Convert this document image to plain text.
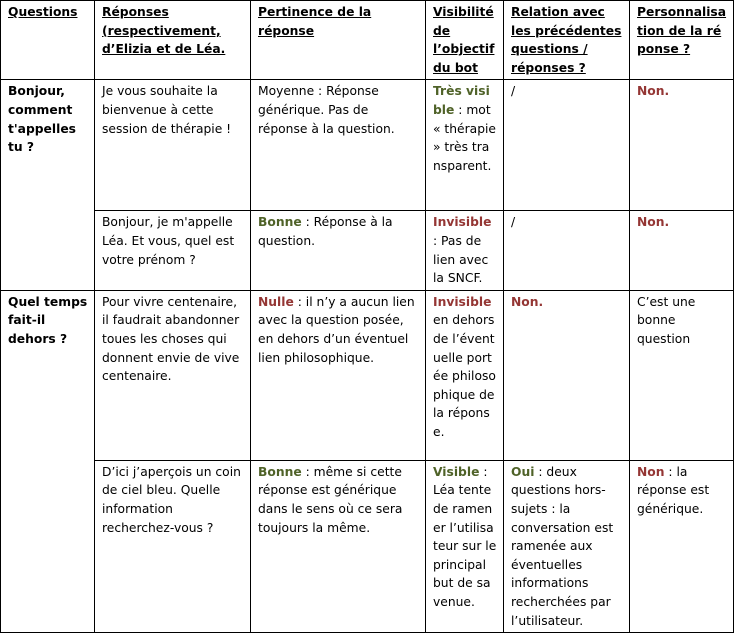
Questions	Réponses (respectivement, d’Elizia et de Léa.	Pertinence de la réponse	Visibilité de l’objectif du bot	Relation avec les précédentes questions / réponses ?	Personnalisation de la réponse ?
Bonjour, comment t'appelles tu ?	Je vous souhaite la bienvenue à cette session de thérapie !	Moyenne : Réponse générique. Pas de réponse à la question.	Très visible : mot « thérapie » très transparent.	/	Non.
	Bonjour, je m'appelle Léa. Et vous, quel est votre prénom ?	Bonne : Réponse à la question.	Invisible : Pas de lien avec la SNCF.	/	Non.
Quel temps fait-il dehors ?	Pour vivre centenaire, il faudrait abandonner toues les choses qui donnent envie de vive centenaire.	Nulle : il n’y a aucun lien avec la question posée, en dehors d’un éventuel lien philosophique.	Invisible en dehors de l’éventuelle portée philosophique de la réponse.	Non.	C’est une bonne question
	D’ici j’aperçois un coin de ciel bleu. Quelle information recherchez-vous ?	Bonne : même si cette réponse est générique dans le sens où ce sera toujours la même.	Visible : Léa tente de ramener l’utilisateur sur le principal but de sa venue.	Oui : deux questions hors-sujets : la conversation est ramenée aux éventuelles informations recherchées par l’utilisateur.	Non : la réponse est générique.
